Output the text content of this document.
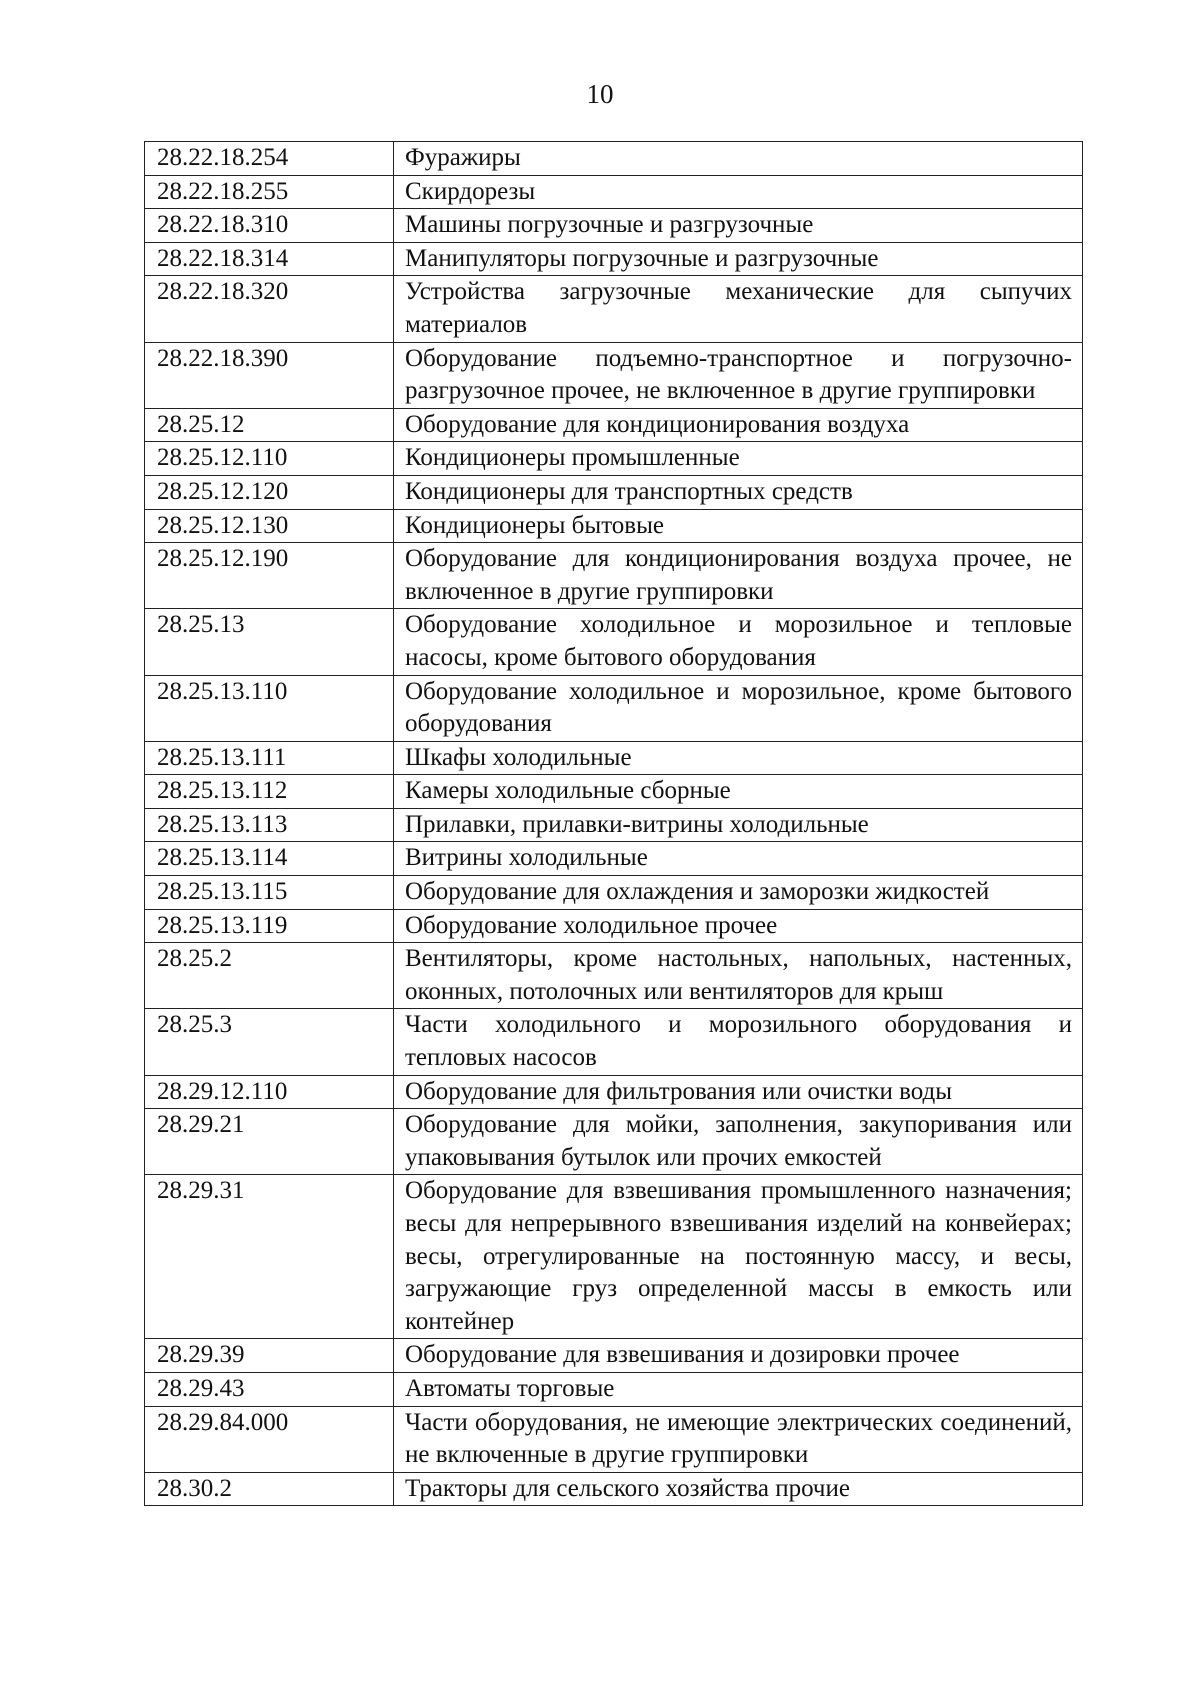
10
28.22.18.254	Фуражиры
28.22.18.255	Скирдорезы
28.22.18.310	Машины погрузочные и разгрузочные
28.22.18.314	Манипуляторы погрузочные и разгрузочные
28.22.18.320	Устройства загрузочные механические для сыпучих материалов
28.22.18.390	Оборудование подъемно-транспортное и погрузочно-разгрузочное прочее, не включенное в другие группировки
28.25.12	Оборудование для кондиционирования воздуха
28.25.12.110	Кондиционеры промышленные
28.25.12.120	Кондиционеры для транспортных средств
28.25.12.130	Кондиционеры бытовые
28.25.12.190	Оборудование для кондиционирования воздуха прочее, не включенное в другие группировки
28.25.13	Оборудование холодильное и морозильное и тепловые насосы, кроме бытового оборудования
28.25.13.110	Оборудование холодильное и морозильное, кроме бытового оборудования
28.25.13.111	Шкафы холодильные
28.25.13.112	Камеры холодильные сборные
28.25.13.113	Прилавки, прилавки-витрины холодильные
28.25.13.114	Витрины холодильные
28.25.13.115	Оборудование для охлаждения и заморозки жидкостей
28.25.13.119	Оборудование холодильное прочее
28.25.2	Вентиляторы, кроме настольных, напольных, настенных, оконных, потолочных или вентиляторов для крыш
28.25.3	Части холодильного и морозильного оборудования и тепловых насосов
28.29.12.110	Оборудование для фильтрования или очистки воды
28.29.21	Оборудование для мойки, заполнения, закупоривания или упаковывания бутылок или прочих емкостей
28.29.31	Оборудование для взвешивания промышленного назначения; весы для непрерывного взвешивания изделий на конвейерах; весы, отрегулированные на постоянную массу, и весы, загружающие груз определенной массы в емкость или контейнер
28.29.39	Оборудование для взвешивания и дозировки прочее
28.29.43	Автоматы торговые
28.29.84.000	Части оборудования, не имеющие электрических соединений, не включенные в другие группировки
28.30.2	Тракторы для сельского хозяйства прочие
